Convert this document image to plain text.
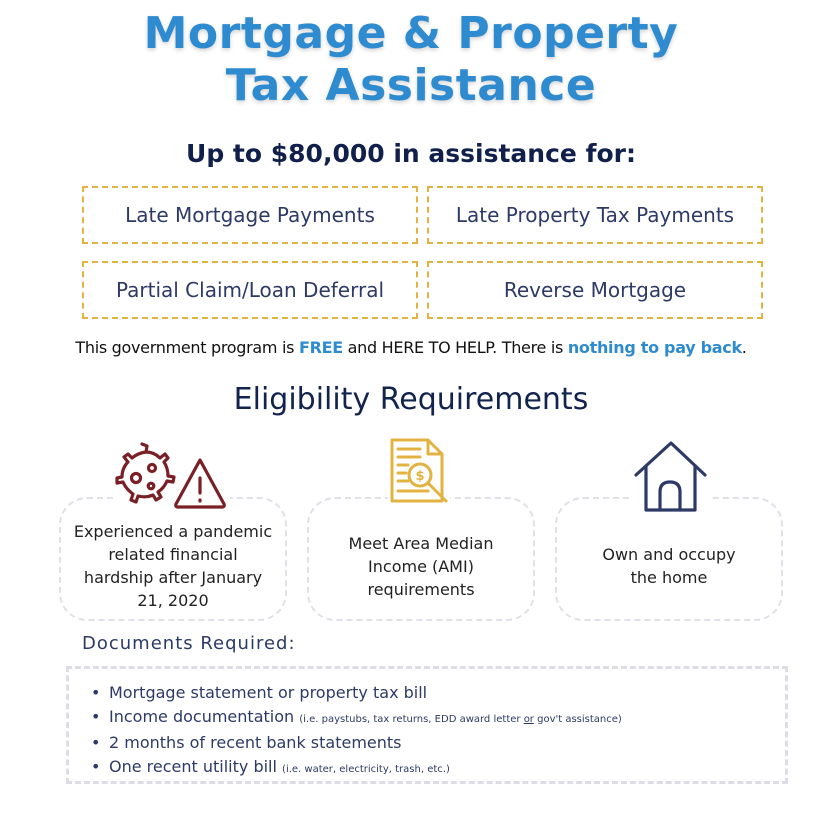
Mortgage & Property
Tax Assistance
Up to $80,000 in assistance for:
Late Mortgage Payments	Late Property Tax Payments
Partial Claim/Loan Deferral	Reverse Mortgage
This government program is FREE and HERE TO HELP. There is nothing to pay back.
Eligibility Requirements
Experienced a pandemic related financial hardship after January 21, 2020
Meet Area Median Income (AMI) requirements
Own and occupy the home
$
Documents Required:
• Mortgage statement or property tax bill
• Income documentation (i.e. paystubs, tax returns, EDD award letter or gov't assistance)
• 2 months of recent bank statements
• One recent utility bill (i.e. water, electricity, trash, etc.)
